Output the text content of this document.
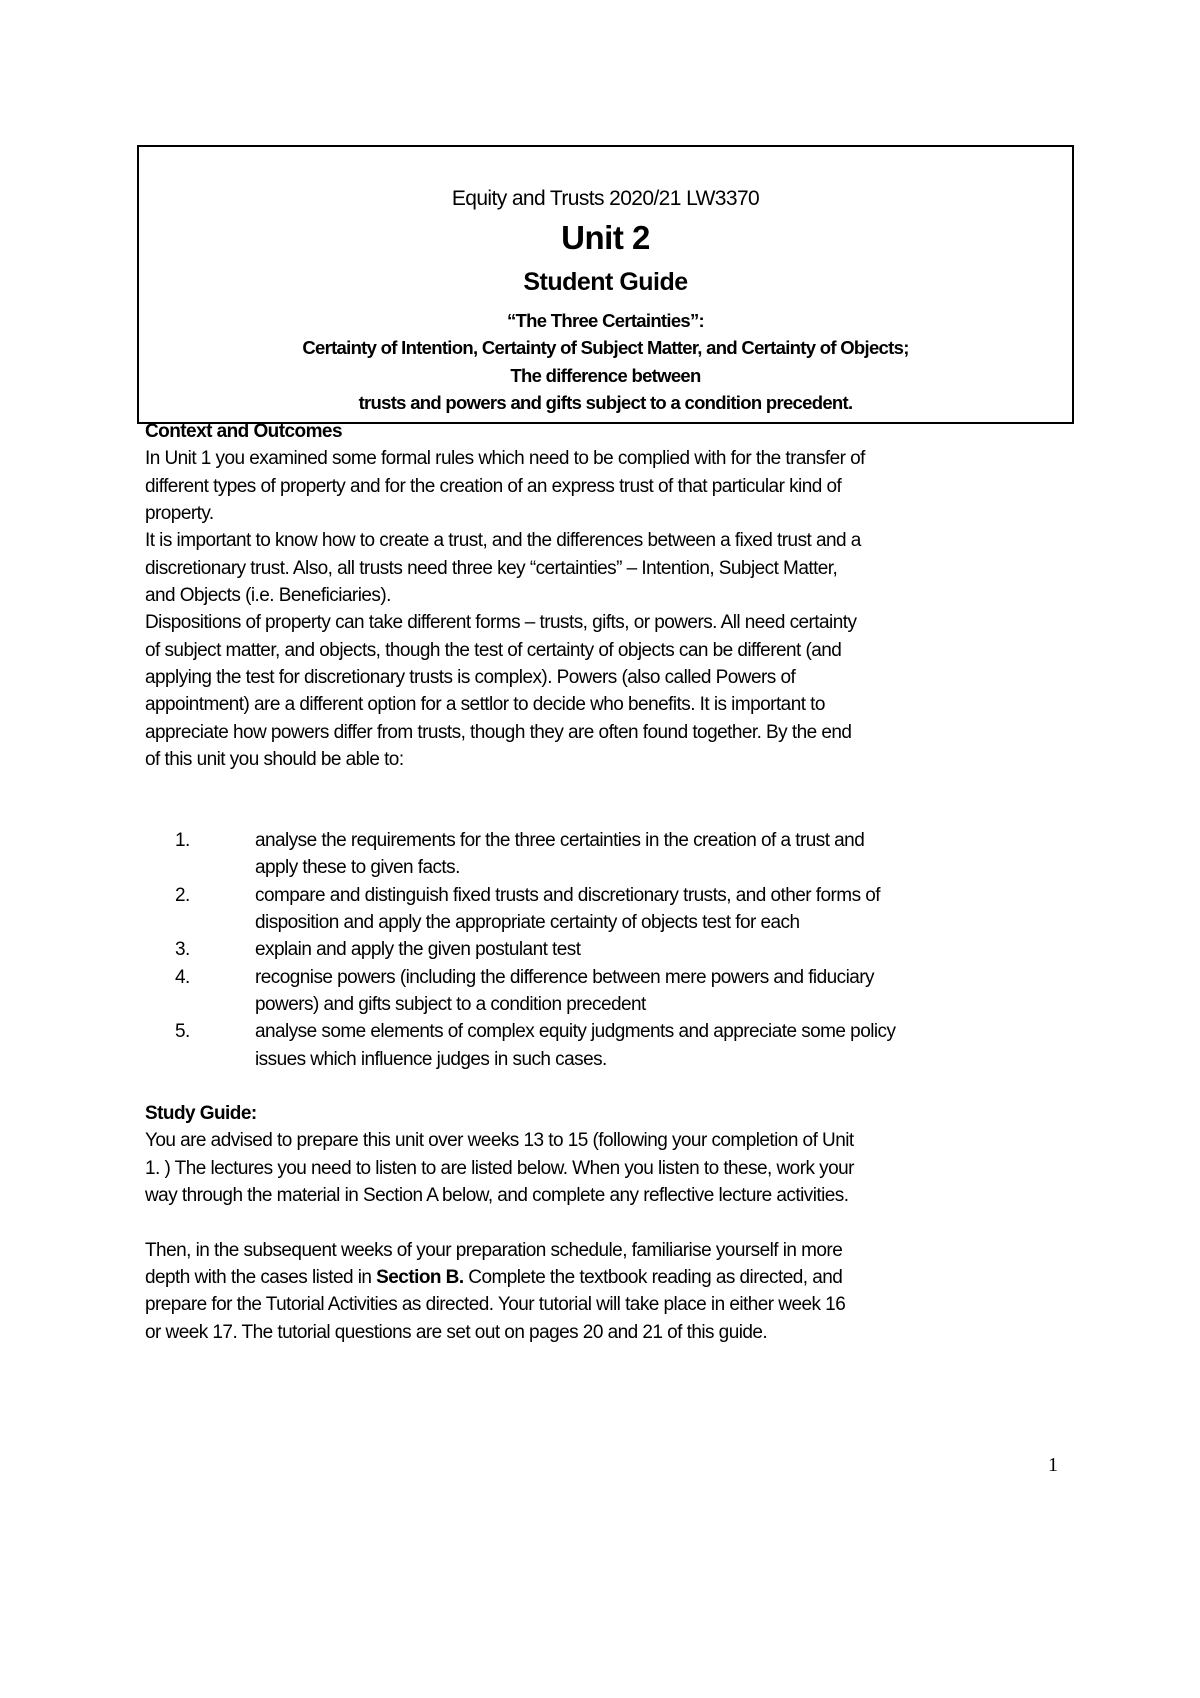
Equity and Trusts 2020/21 LW3370
Unit 2
Student Guide
“The Three Certainties”:
Certainty of Intention, Certainty of Subject Matter, and Certainty of Objects;
The difference between
trusts and powers and gifts subject to a condition precedent.
Context and Outcomes
In Unit 1 you examined some formal rules which need to be complied with for the transfer of
different types of property and for the creation of an express trust of that particular kind of
property.
It is important to know how to create a trust, and the differences between a fixed trust and a
discretionary trust. Also, all trusts need three key “certainties” – Intention, Subject Matter,
and Objects (i.e. Beneficiaries).
Dispositions of property can take different forms – trusts, gifts, or powers. All need certainty
of subject matter, and objects, though the test of certainty of objects can be different (and
applying the test for discretionary trusts is complex). Powers (also called Powers of
appointment) are a different option for a settlor to decide who benefits. It is important to
appreciate how powers differ from trusts, though they are often found together. By the end
of this unit you should be able to:
1.	analyse the requirements for the three certainties in the creation of a trust and
apply these to given facts.
2.	compare and distinguish fixed trusts and discretionary trusts, and other forms of
disposition and apply the appropriate certainty of objects test for each
3.	explain and apply the given postulant test
4.	recognise powers (including the difference between mere powers and fiduciary
powers) and gifts subject to a condition precedent
5.	analyse some elements of complex equity judgments and appreciate some policy
issues which influence judges in such cases.
Study Guide:
You are advised to prepare this unit over weeks 13 to 15 (following your completion of Unit
1. ) The lectures you need to listen to are listed below. When you listen to these, work your
way through the material in Section A below, and complete any reflective lecture activities.

Then, in the subsequent weeks of your preparation schedule, familiarise yourself in more
depth with the cases listed in Section B. Complete the textbook reading as directed, and
prepare for the Tutorial Activities as directed. Your tutorial will take place in either week 16
or week 17. The tutorial questions are set out on pages 20 and 21 of this guide.
1
